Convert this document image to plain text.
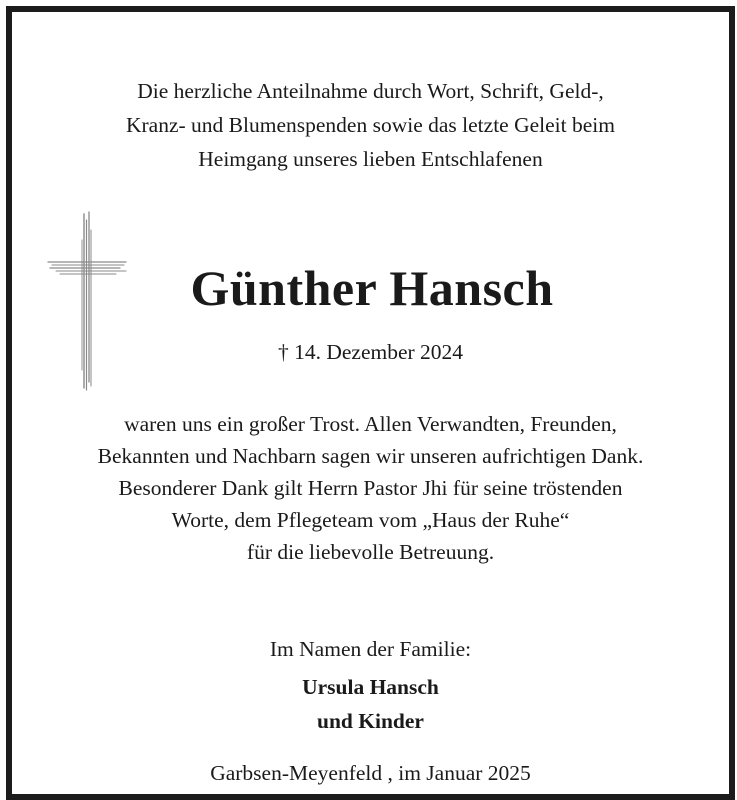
Die herzliche Anteilnahme durch Wort, Schrift, Geld-,
Kranz- und Blumenspenden sowie das letzte Geleit beim
Heimgang unseres lieben Entschlafenen
Günther Hansch
† 14. Dezember 2024
waren uns ein großer Trost. Allen Verwandten, Freunden,
Bekannten und Nachbarn sagen wir unseren aufrichtigen Dank.
Besonderer Dank gilt Herrn Pastor Jhi für seine tröstenden
Worte, dem Pflegeteam vom „Haus der Ruhe“
für die liebevolle Betreuung.
Im Namen der Familie:
Ursula Hansch
und Kinder
Garbsen-Meyenfeld , im Januar 2025
